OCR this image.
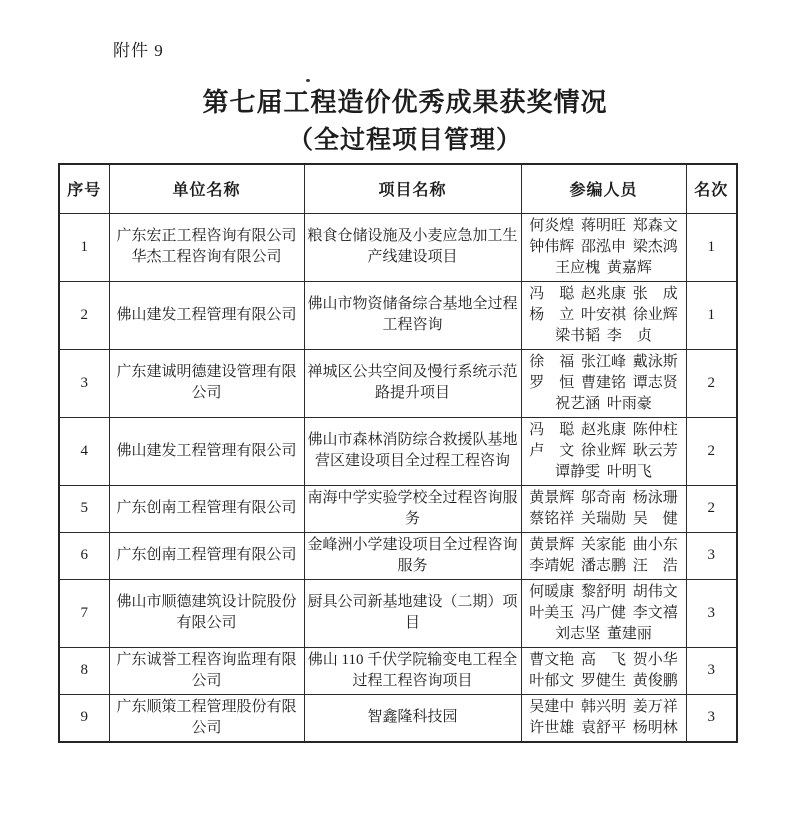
附件 9
第七届工程造价优秀成果获奖情况
（全过程项目管理）
序号	单位名称	项目名称	参编人员	名次
1	广东宏正工程咨询有限公司
华杰工程咨询有限公司	粮食仓储设施及小麦应急加工生
产线建设项目	何炎煌 蒋明旺 郑森文
钟伟辉 邵泓申 梁杰鸿
王应槐 黄嘉辉	1
2	佛山建发工程管理有限公司	佛山市物资储备综合基地全过程
工程咨询	冯　聪 赵兆康 张　成
杨　立 叶安祺 徐业辉
梁书韬 李　贞	1
3	广东建诚明德建设管理有限
公司	禅城区公共空间及慢行系统示范
路提升项目	徐　福 张江峰 戴泳斯
罗　恒 曹建铭 谭志贤
祝艺涵 叶雨豪	2
4	佛山建发工程管理有限公司	佛山市森林消防综合救援队基地
营区建设项目全过程工程咨询	冯　聪 赵兆康 陈仲柱
卢　文 徐业辉 耿云芳
谭静雯 叶明飞	2
5	广东创南工程管理有限公司	南海中学实验学校全过程咨询服
务	黄景辉 邬奇南 杨泳珊
蔡铭祥 关瑞勋 吴　健	2
6	广东创南工程管理有限公司	金峰洲小学建设项目全过程咨询
服务	黄景辉 关家能 曲小东
李靖妮 潘志鹏 汪　浩	3
7	佛山市顺德建筑设计院股份
有限公司	厨具公司新基地建设（二期）项
目	何暖康 黎舒明 胡伟文
叶美玉 冯广健 李文禧
刘志坚 董建丽	3
8	广东诚誉工程咨询监理有限
公司	佛山 110 千伏学院输变电工程全
过程工程咨询项目	曹文艳 高　飞 贺小华
叶郁文 罗健生 黄俊鹏	3
9	广东顺策工程管理股份有限
公司	智鑫隆科技园	吴建中 韩兴明 姜万祥
许世雄 袁舒平 杨明林	3
